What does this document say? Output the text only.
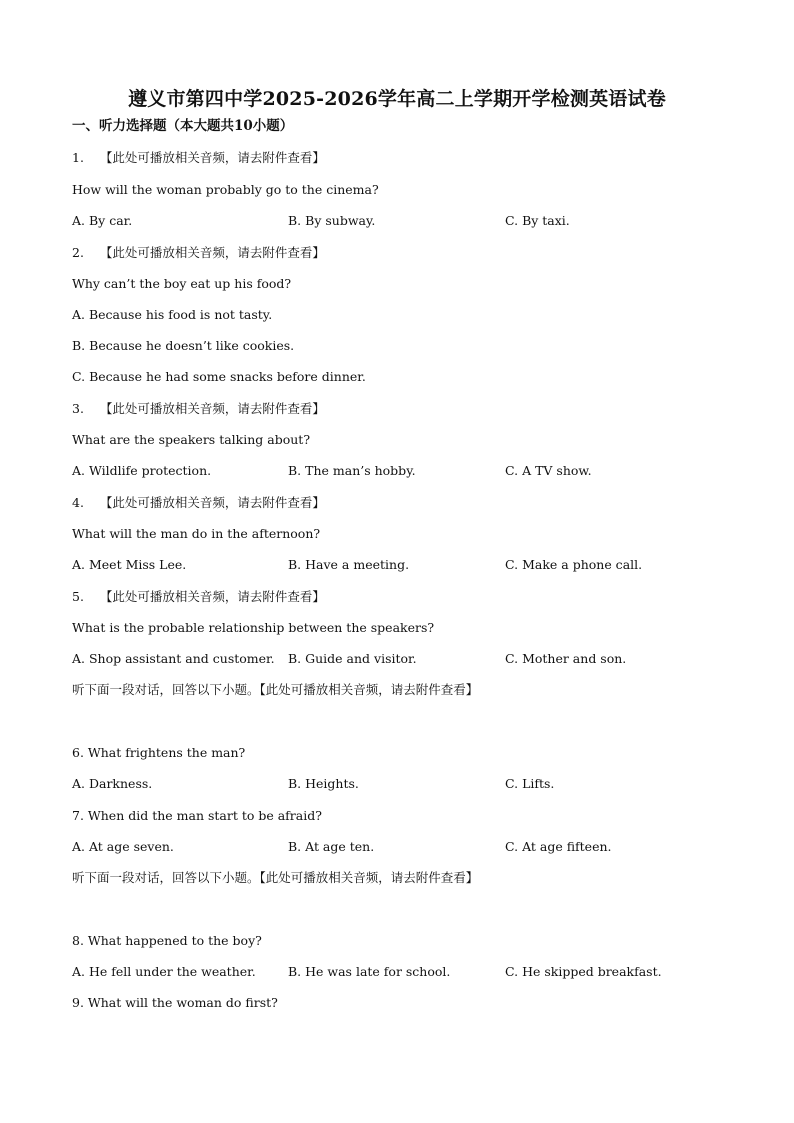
遵义市第四中学2025-2026学年高二上学期开学检测英语试卷
一、听力选择题（本大题共10小题）
1. 【此处可播放相关音频，请去附件查看】
How will the woman probably go to the cinema?
A. By car.	B. By subway.	C. By taxi.
2. 【此处可播放相关音频，请去附件查看】
Why can’t the boy eat up his food?
A. Because his food is not tasty.
B. Because he doesn’t like cookies.
C. Because he had some snacks before dinner.
3. 【此处可播放相关音频，请去附件查看】
What are the speakers talking about?
A. Wildlife protection.	B. The man’s hobby.	C. A TV show.
4. 【此处可播放相关音频，请去附件查看】
What will the man do in the afternoon?
A. Meet Miss Lee.	B. Have a meeting.	C. Make a phone call.
5. 【此处可播放相关音频，请去附件查看】
What is the probable relationship between the speakers?
A. Shop assistant and customer. B. Guide and visitor.	C. Mother and son.
听下面一段对话，回答以下小题。【此处可播放相关音频，请去附件查看】
6. What frightens the man?
A. Darkness.	B. Heights.	C. Lifts.
7. When did the man start to be afraid?
A. At age seven.	B. At age ten.	C. At age fifteen.
听下面一段对话，回答以下小题。【此处可播放相关音频，请去附件查看】
8. What happened to the boy?
A. He fell under the weather.	B. He was late for school.	C. He skipped breakfast.
9. What will the woman do first?
